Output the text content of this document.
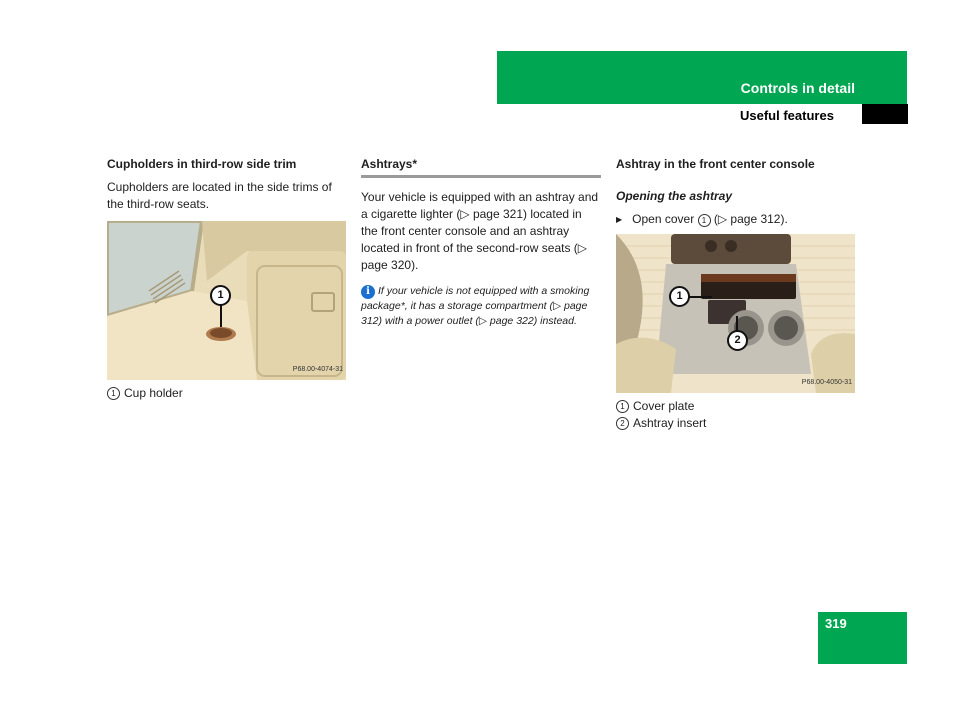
Controls in detail
Useful features
Cupholders in third-row side trim

Cupholders are located in the side trims of the third-row seats.

1
P68.00-4074-31
1 Cup holder
Ashtrays*

Your vehicle is equipped with an ashtray and a cigarette lighter (▷ page 321) located in the front center console and an ashtray located in front of the second-row seats (▷ page 320).

i If your vehicle is not equipped with a smoking package*, it has a storage compartment (▷ page 312) with a power outlet (▷ page 322) instead.
Ashtray in the front center console
Opening the ashtray
▶ Open cover 1 (▷ page 312).
1
2
P68.00-4050-31
1 Cover plate
2 Ashtray insert
319
